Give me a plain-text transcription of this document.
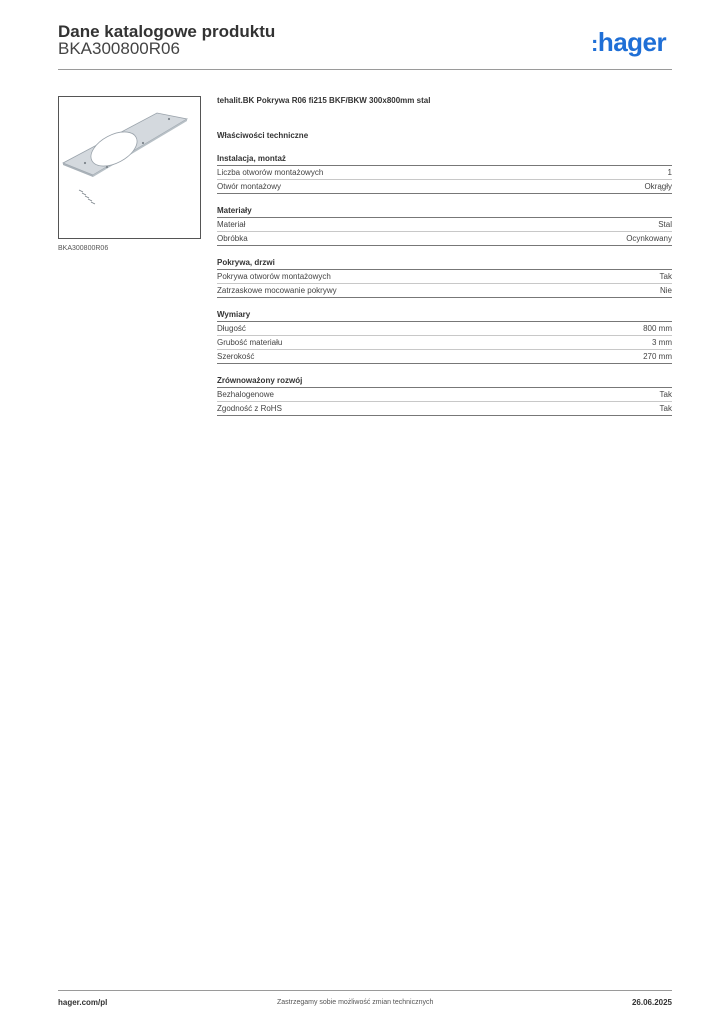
Dane katalogowe produktu
BKA300800R06	:hager
BKA300800R06
tehalit.BK Pokrywa R06 fi215 BKF/BKW 300x800mm stal
Właściwości techniczne
Instalacja, montaż
Liczba otworów montażowych	1
Otwór montażowy	Okrągły
Materiały
Materiał	Stal
Obróbka	Ocynkowany
Pokrywa, drzwi
Pokrywa otworów montażowych	Tak
Zatrzaskowe mocowanie pokrywy	Nie
Wymiary
Długość	800 mm
Grubość materiału	3 mm
Szerokość	270 mm
Zrównoważony rozwój
Bezhalogenowe	Tak
Zgodność z RoHS	Tak
hager.com/pl	Zastrzegamy sobie możliwość zmian technicznych	26.06.2025
